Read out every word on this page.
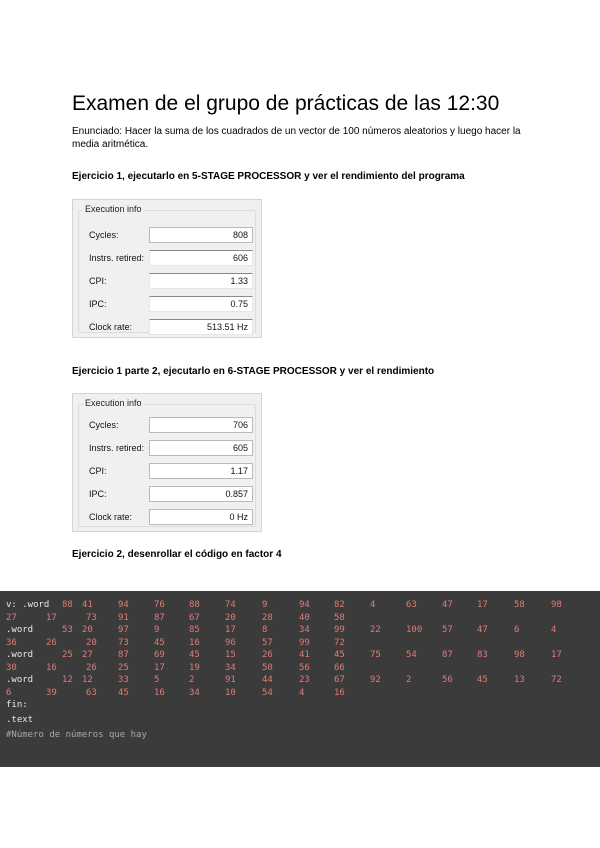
Examen de el grupo de prácticas de las 12:30

Enunciado: Hacer la suma de los cuadrados de un vector de 100 números aleatorios y luego hacer la media aritmética.

Ejercicio 1, ejecutarlo en 5-STAGE PROCESSOR y ver el rendimiento del programa

Execution info
Cycles:	808
Instrs. retired:	606
CPI:	1.33
IPC:	0.75
Clock rate:	513.51 Hz

Ejercicio 1 parte 2, ejecutarlo en 6-STAGE PROCESSOR y ver el rendimiento

Execution info
Cycles:	706
Instrs. retired:	605
CPI:	1.17
IPC:	0.857
Clock rate:	0 Hz

Ejercicio 2, desenrollar el código en factor 4

fin:
.text
#Número de números que hay
v: .word 88 41	94	76	88	74	9	94	82	4	63	47	17	58	98
27	17	73 91	87	67	20	28	40	58
.word	53 20	97	9	85	17	8	34	99	22	100 57	47	6	4
36	26	20 73	45	16	96	57	99	72
.word	25 27	87	69	45	15	26	41	45	75	54	87	83	98	17
30	16	26 25	17	19	34	50	56	66
.word	12 12	33	5	2	91	44	23	67	92	2	56	45	13	72
6	39	63 45	16	34	10	54	4	16
